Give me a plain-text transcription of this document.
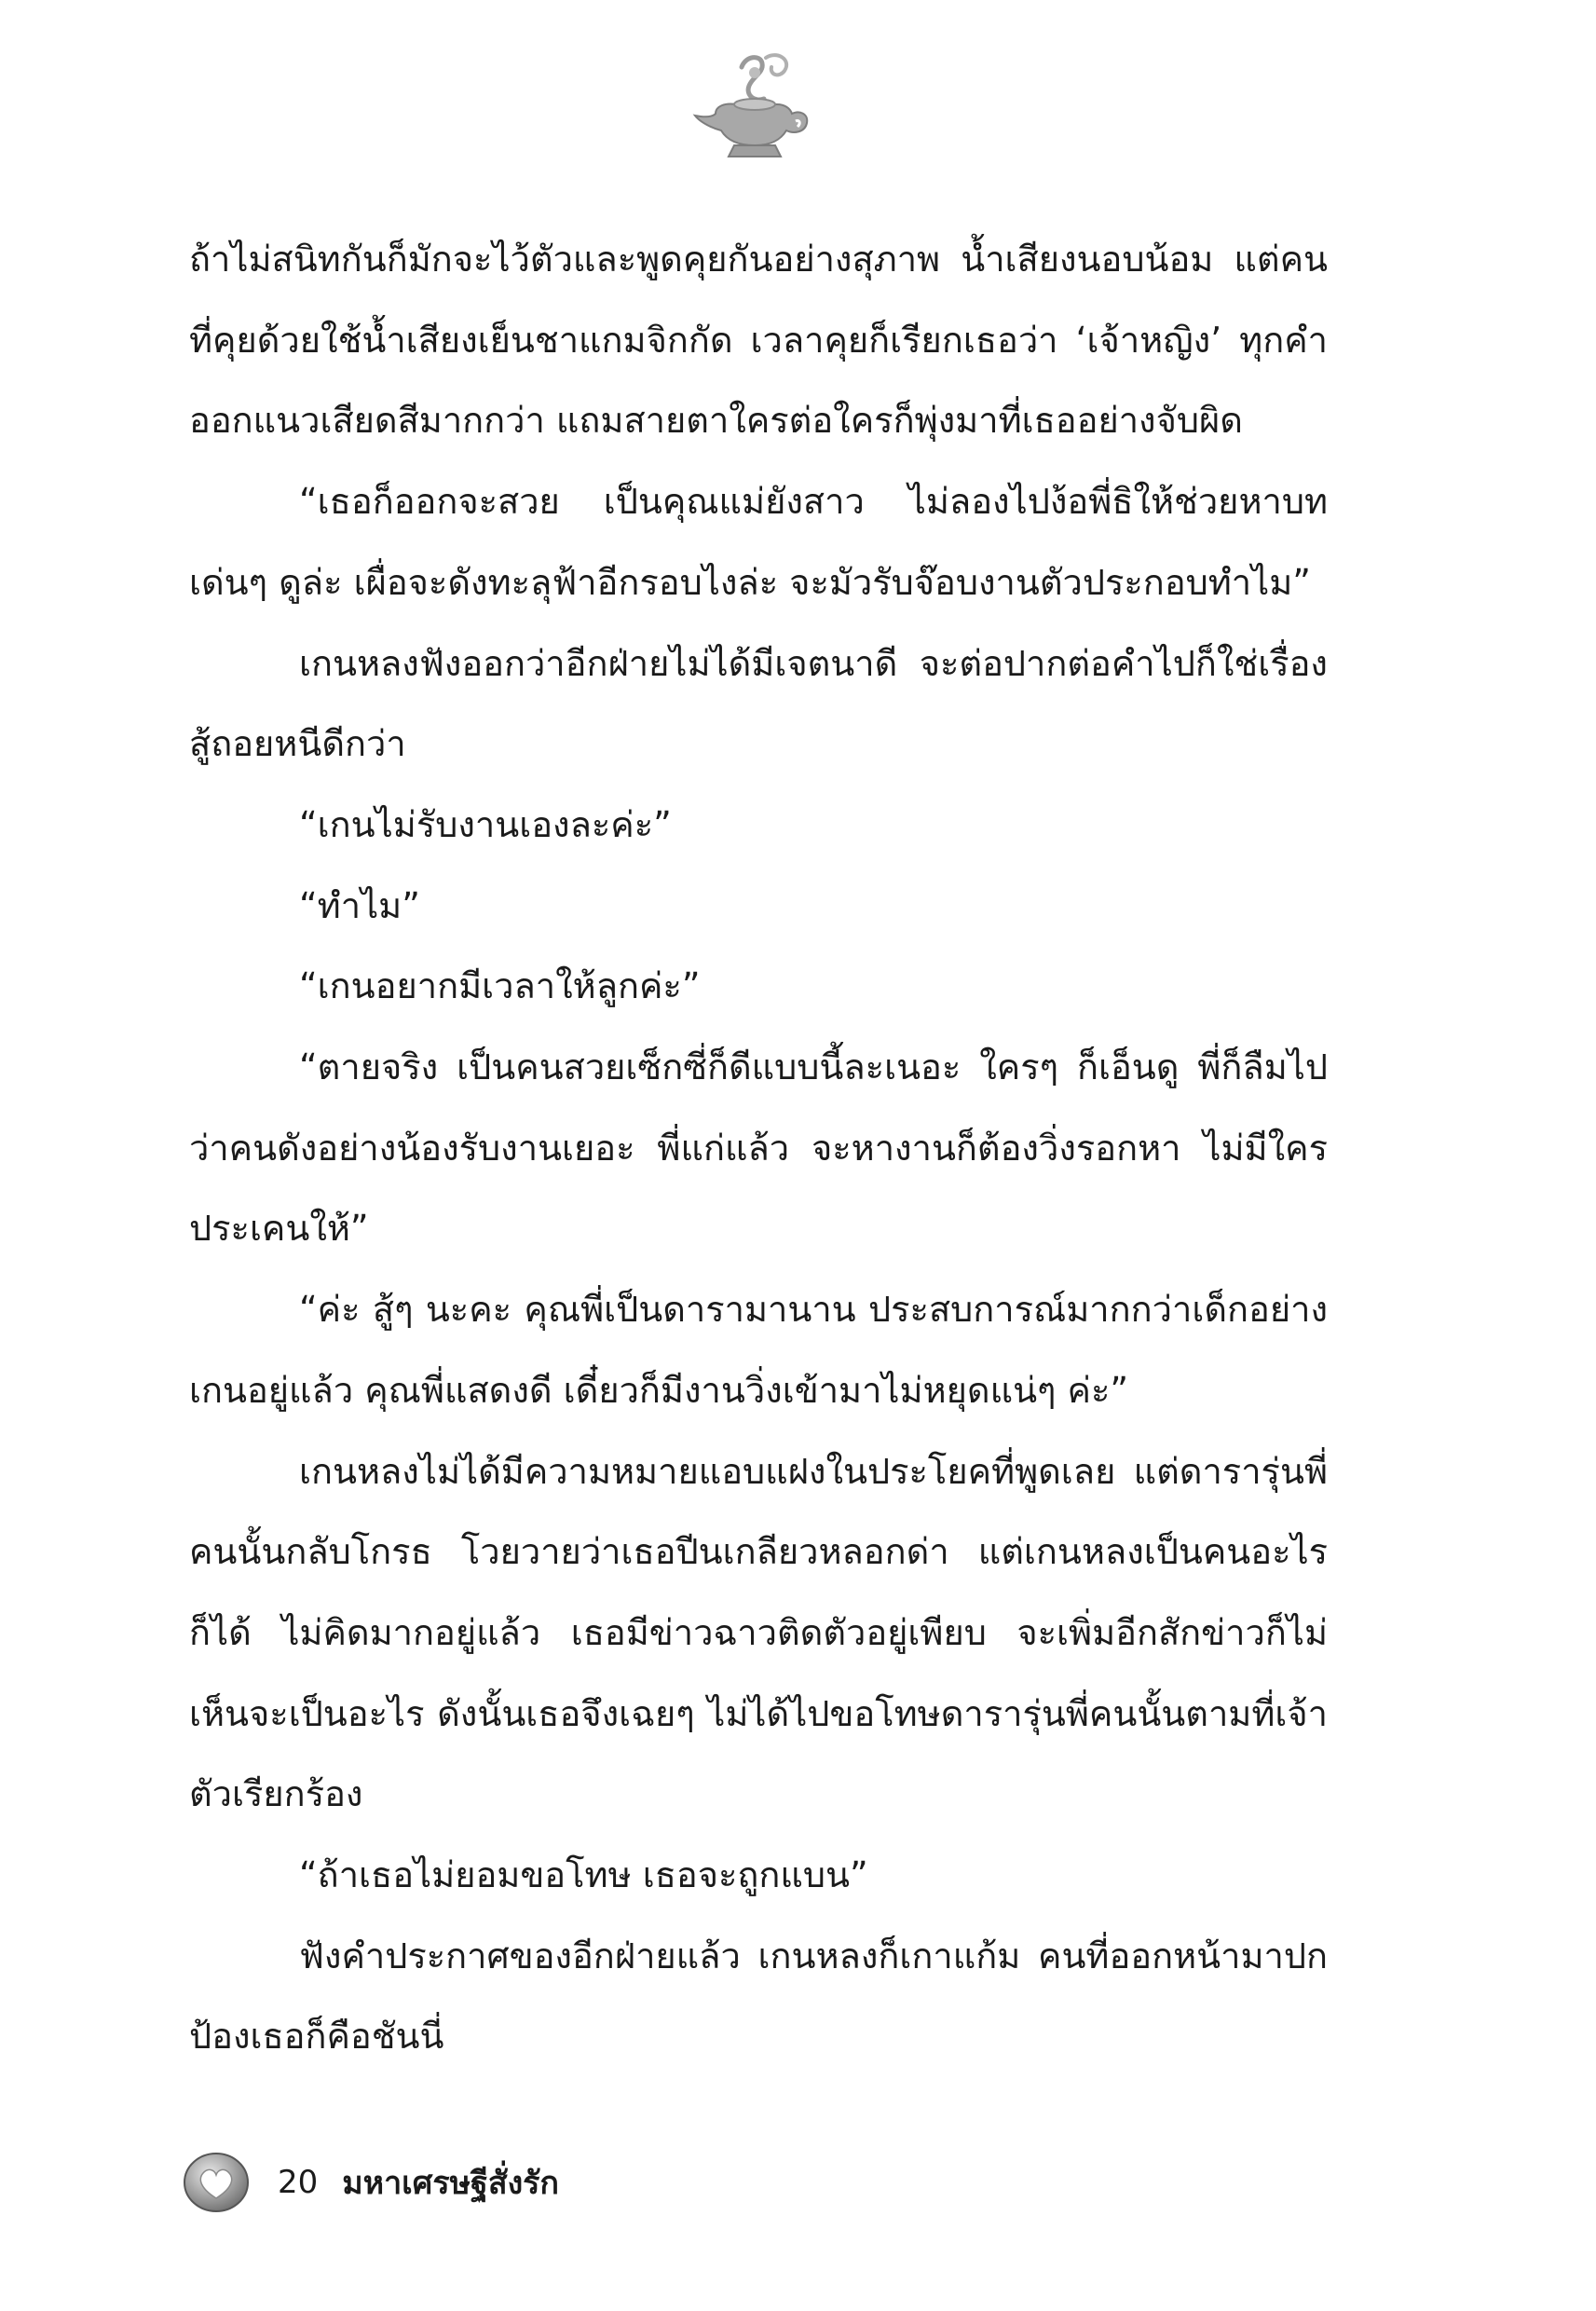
ถ้าไม่สนิทกันก็มักจะไว้ตัวและพูดคุยกันอย่างสุภาพ น้ำเสียงนอบน้อม แต่คนที่คุยด้วยใช้น้ำเสียงเย็นชาแกมจิกกัด เวลาคุยก็เรียกเธอว่า ‘เจ้าหญิง’ ทุกคำ ออกแนวเสียดสีมากกว่า แถมสายตาใครต่อใครก็พุ่งมาที่เธออย่างจับผิด

“เธอก็ออกจะสวย เป็นคุณแม่ยังสาว ไม่ลองไปง้อพี่ธิให้ช่วยหาบทเด่นๆ ดูล่ะ เผื่อจะดังทะลุฟ้าอีกรอบไงล่ะ จะมัวรับจ๊อบงานตัวประกอบทำไม”

เกนหลงฟังออกว่าอีกฝ่ายไม่ได้มีเจตนาดี จะต่อปากต่อคำไปก็ใช่เรื่อง สู้ถอยหนีดีกว่า

“เกนไม่รับงานเองละค่ะ”

“ทำไม”

“เกนอยากมีเวลาให้ลูกค่ะ”

“ตายจริง เป็นคนสวยเซ็กซี่ก็ดีแบบนี้ละเนอะ ใครๆ ก็เอ็นดู พี่ก็ลืมไปว่าคนดังอย่างน้องรับงานเยอะ พี่แก่แล้ว จะหางานก็ต้องวิ่งรอกหา ไม่มีใครประเคนให้”

“ค่ะ สู้ๆ นะคะ คุณพี่เป็นดารามานาน ประสบการณ์มากกว่าเด็กอย่างเกนอยู่แล้ว คุณพี่แสดงดี เดี๋ยวก็มีงานวิ่งเข้ามาไม่หยุดแน่ๆ ค่ะ”

เกนหลงไม่ได้มีความหมายแอบแฝงในประโยคที่พูดเลย แต่ดารารุ่นพี่คนนั้นกลับโกรธ โวยวายว่าเธอปีนเกลียวหลอกด่า แต่เกนหลงเป็นคนอะไรก็ได้ ไม่คิดมากอยู่แล้ว เธอมีข่าวฉาวติดตัวอยู่เพียบ จะเพิ่มอีกสักข่าวก็ไม่เห็นจะเป็นอะไร ดังนั้นเธอจึงเฉยๆ ไม่ได้ไปขอโทษดารารุ่นพี่คนนั้นตามที่เจ้าตัวเรียกร้อง

“ถ้าเธอไม่ยอมขอโทษ เธอจะถูกแบน”

ฟังคำประกาศของอีกฝ่ายแล้ว เกนหลงก็เกาแก้ม คนที่ออกหน้ามาปกป้องเธอก็คือชันนี่

20 มหาเศรษฐีสั่งรัก
